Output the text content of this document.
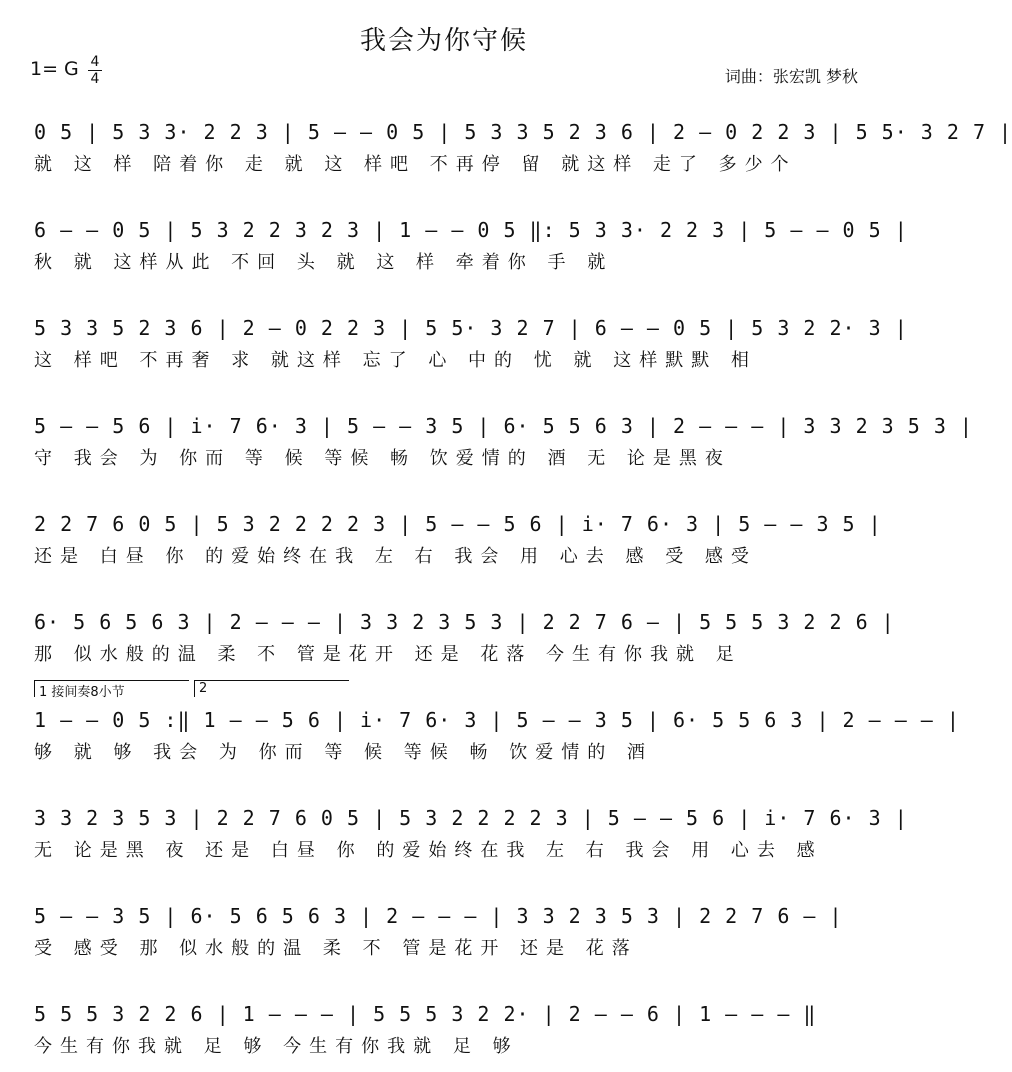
我会为你守候
1= G 4
4	词曲：张宏凯 梦秋
1 接间奏8小节	2
0 5 | 5 3 3· 2 2 3 | 5 — — 0 5 | 5 3 3 5 2 3 6 | 2 — 0 2 2 3 | 5 5· 3 2 7 |
就 这 样 陪着你 走 就 这 样吧 不再停 留 就这样 走了 多少个
6 — — 0 5 | 5 3 2 2 3 2 3 | 1 — — 0 5 ‖: 5 3 3· 2 2 3 | 5 — — 0 5 |
秋 就 这样从此 不回 头 就 这 样 牵着你 手 就
5 3 3 5 2 3 6 | 2 — 0 2 2 3 | 5 5· 3 2 7 | 6 — — 0 5 | 5 3 2 2· 3 |
这 样吧 不再奢 求 就这样 忘了 心 中的 忧 就 这样默默 相
5 — — 5 6 | i· 7 6· 3 | 5 — — 3 5 | 6· 5 5 6 3 | 2 — — — | 3 3 2 3 5 3 |
守 我会 为 你而 等 候 等候 畅 饮爱情的 酒 无 论是黑夜
2 2 7 6 0 5 | 5 3 2 2 2 2 3 | 5 — — 5 6 | i· 7 6· 3 | 5 — — 3 5 |
还是 白昼 你 的爱始终在我 左 右 我会 用 心去 感 受 感受
6· 5 6 5 6 3 | 2 — — — | 3 3 2 3 5 3 | 2 2 7 6 — | 5 5 5 3 2 2 6 |
那 似水般的温 柔 不 管是花开 还是 花落 今生有你我就 足
1 — — 0 5 :‖ 1 — — 5 6 | i· 7 6· 3 | 5 — — 3 5 | 6· 5 5 6 3 | 2 — — — |
够 就 够 我会 为 你而 等 候 等候 畅 饮爱情的 酒
3 3 2 3 5 3 | 2 2 7 6 0 5 | 5 3 2 2 2 2 3 | 5 — — 5 6 | i· 7 6· 3 |
无 论是黑 夜 还是 白昼 你 的爱始终在我 左 右 我会 用 心去 感
5 — — 3 5 | 6· 5 6 5 6 3 | 2 — — — | 3 3 2 3 5 3 | 2 2 7 6 — |
受 感受 那 似水般的温 柔 不 管是花开 还是 花落
5 5 5 3 2 2 6 | 1 — — — | 5 5 5 3 2 2· | 2 — — 6 | 1 — — — ‖
今生有你我就 足 够 今生有你我就 足 够
